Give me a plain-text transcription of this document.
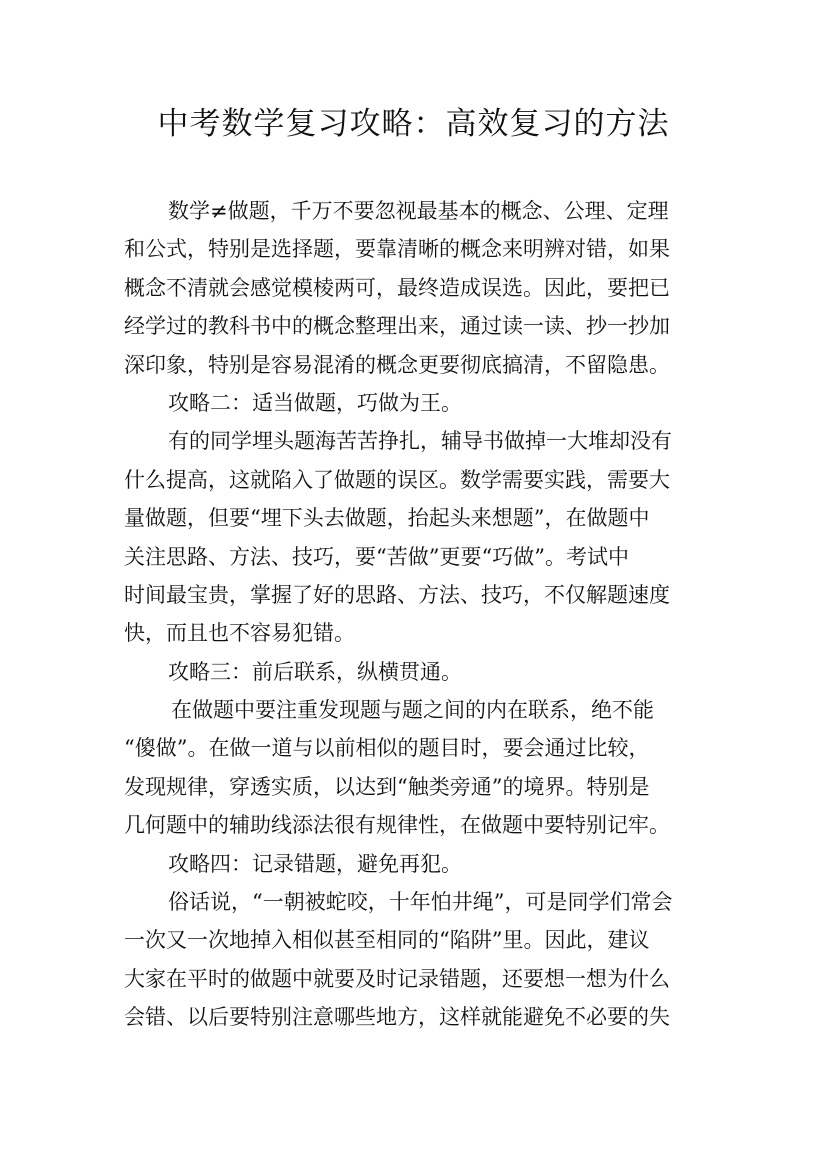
中考数学复习攻略：高效复习的方法
数学≠做题，千万不要忽视最基本的概念、公理、定理
和公式，特别是选择题，要靠清晰的概念来明辨对错，如果
概念不清就会感觉模棱两可，最终造成误选。因此，要把已
经学过的教科书中的概念整理出来，通过读一读、抄一抄加
深印象，特别是容易混淆的概念更要彻底搞清，不留隐患。
攻略二：适当做题，巧做为王。
有的同学埋头题海苦苦挣扎，辅导书做掉一大堆却没有
什么提高，这就陷入了做题的误区。数学需要实践，需要大
量做题，但要“埋下头去做题，抬起头来想题”，在做题中
关注思路、方法、技巧，要“苦做”更要“巧做”。考试中
时间最宝贵，掌握了好的思路、方法、技巧，不仅解题速度
快，而且也不容易犯错。
攻略三：前后联系，纵横贯通。
在做题中要注重发现题与题之间的内在联系，绝不能
“傻做”。在做一道与以前相似的题目时，要会通过比较，
发现规律，穿透实质，以达到“触类旁通”的境界。特别是
几何题中的辅助线添法很有规律性，在做题中要特别记牢。
攻略四：记录错题，避免再犯。
俗话说，“一朝被蛇咬，十年怕井绳”，可是同学们常会
一次又一次地掉入相似甚至相同的“陷阱”里。因此，建议
大家在平时的做题中就要及时记录错题，还要想一想为什么
会错、以后要特别注意哪些地方，这样就能避免不必要的失
